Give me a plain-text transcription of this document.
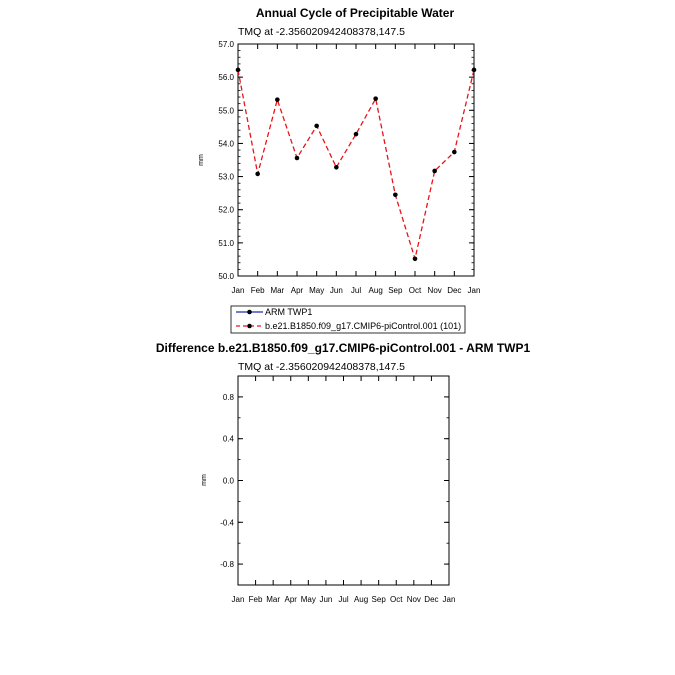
Annual Cycle of Precipitable Water
TMQ at -2.356020942408378,147.5
mm
50.0
51.0
52.0
53.0
54.0
55.0
56.0
57.0
Jan Feb Mar Apr May Jun Jul Aug Sep Oct Nov Dec Jan
ARM TWP1
b.e21.B1850.f09_g17.CMIP6-piControl.001 (101)
Difference b.e21.B1850.f09_g17.CMIP6-piControl.001 - ARM TWP1
TMQ at -2.356020942408378,147.5
mm
-0.8
-0.4
0.0
0.4
0.8
Jan Feb Mar Apr May Jun Jul Aug Sep Oct Nov Dec Jan
